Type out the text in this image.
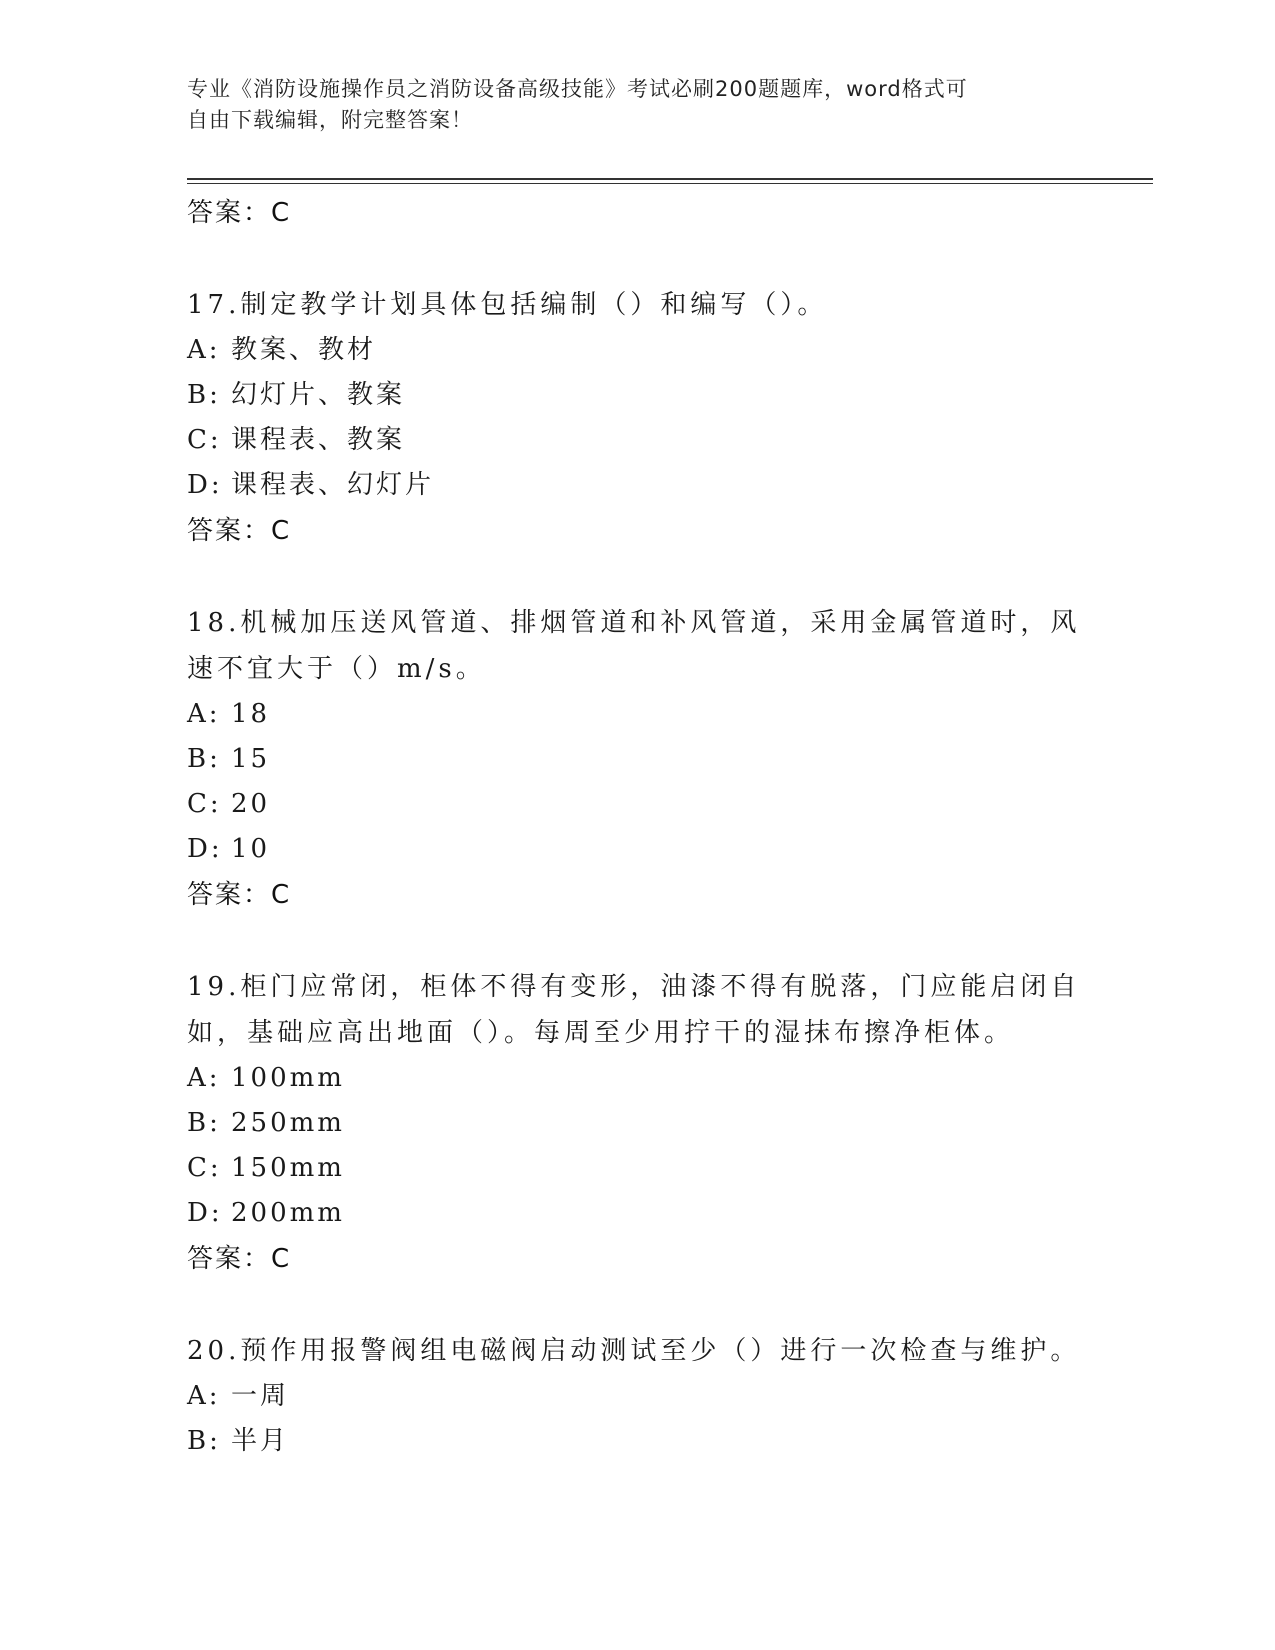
专业《消防设施操作员之消防设备高级技能》考试必刷200题题库，word格式可
自由下载编辑，附完整答案！
答案：C
17.制定教学计划具体包括编制（）和编写（）。
A: 教案、教材
B: 幻灯片、教案
C: 课程表、教案
D: 课程表、幻灯片
答案：C
18.机械加压送风管道、排烟管道和补风管道，采用金属管道时，风速不宜大于（）m/s。
A: 18
B: 15
C: 20
D: 10
答案：C
19.柜门应常闭，柜体不得有变形，油漆不得有脱落，门应能启闭自如，基础应高出地面（）。每周至少用拧干的湿抹布擦净柜体。
A: 100mm
B: 250mm
C: 150mm
D: 200mm
答案：C
20.预作用报警阀组电磁阀启动测试至少（）进行一次检查与维护。
A: 一周
B: 半月
